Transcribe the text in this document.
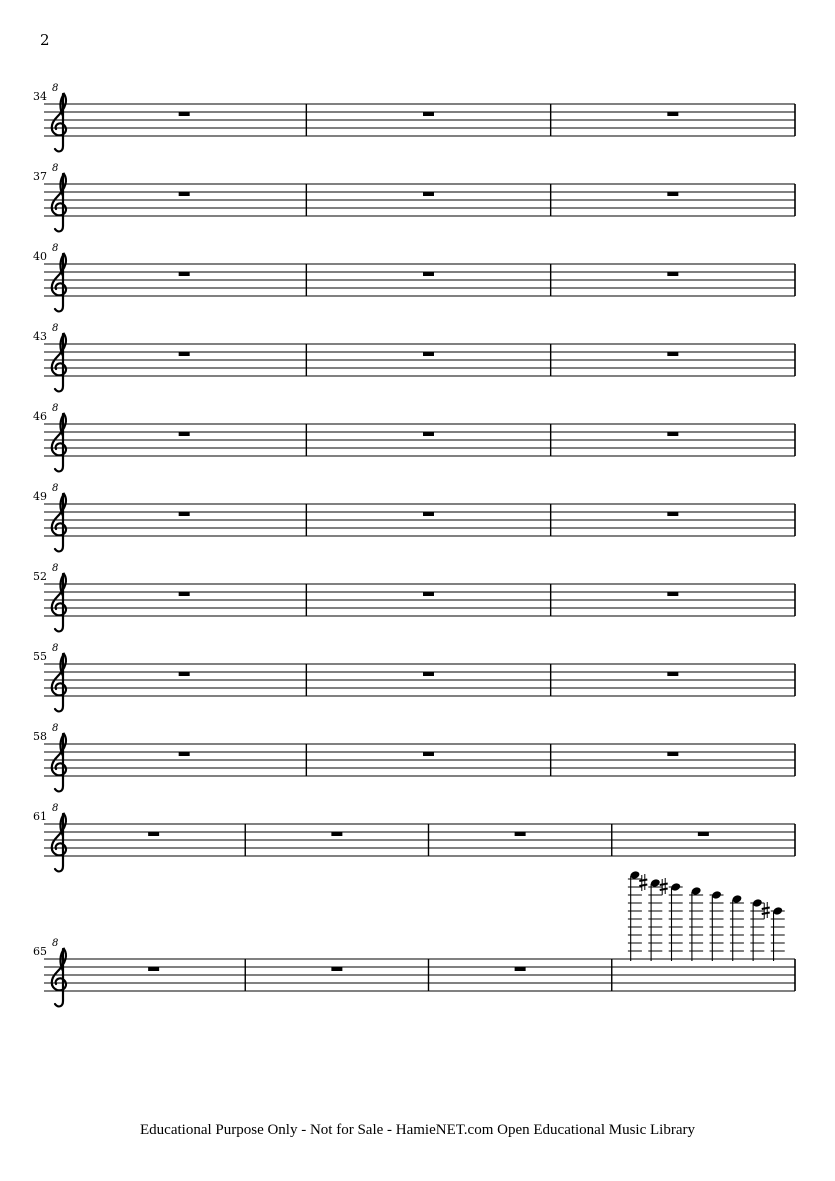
2
34
8
37
8
40
8
43
8
46
8
49
8
52
8
55
8
58
8
61
8
65
8
Educational Purpose Only - Not for Sale - HamieNET.com Open Educational Music Library
